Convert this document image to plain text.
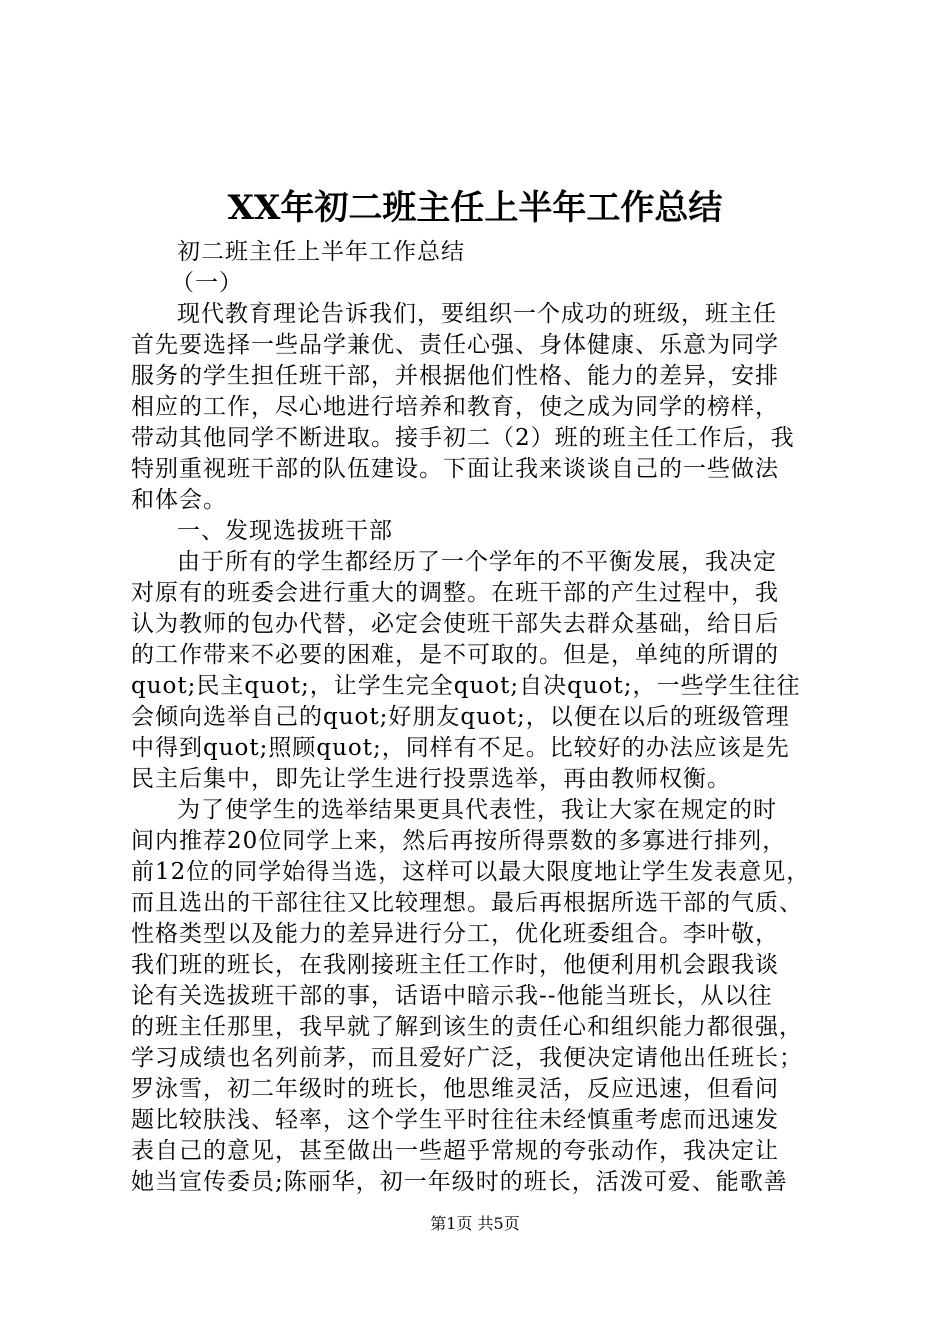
XX年初二班主任上半年工作总结
初二班主任上半年工作总结
（一）
现代教育理论告诉我们，要组织一个成功的班级，班主任
首先要选择一些品学兼优、责任心强、身体健康、乐意为同学
服务的学生担任班干部，并根据他们性格、能力的差异，安排
相应的工作，尽心地进行培养和教育，使之成为同学的榜样，
带动其他同学不断进取。接手初二（2）班的班主任工作后，我
特别重视班干部的队伍建设。下面让我来谈谈自己的一些做法
和体会。
一、发现选拔班干部
由于所有的学生都经历了一个学年的不平衡发展，我决定
对原有的班委会进行重大的调整。在班干部的产生过程中，我
认为教师的包办代替，必定会使班干部失去群众基础，给日后
的工作带来不必要的困难，是不可取的。但是，单纯的所谓的
quot;民主quot;，让学生完全quot;自决quot;，一些学生往往
会倾向选举自己的quot;好朋友quot;，以便在以后的班级管理
中得到quot;照顾quot;，同样有不足。比较好的办法应该是先
民主后集中，即先让学生进行投票选举，再由教师权衡。
为了使学生的选举结果更具代表性，我让大家在规定的时
间内推荐20位同学上来，然后再按所得票数的多寡进行排列，
前12位的同学始得当选，这样可以最大限度地让学生发表意见，
而且选出的干部往往又比较理想。最后再根据所选干部的气质、
性格类型以及能力的差异进行分工，优化班委组合。李叶敬，
我们班的班长，在我刚接班主任工作时，他便利用机会跟我谈
论有关选拔班干部的事，话语中暗示我--他能当班长，从以往
的班主任那里，我早就了解到该生的责任心和组织能力都很强，
学习成绩也名列前茅，而且爱好广泛，我便决定请他出任班长；
罗泳雪，初二年级时的班长，他思维灵活，反应迅速，但看问
题比较肤浅、轻率，这个学生平时往往未经慎重考虑而迅速发
表自己的意见，甚至做出一些超乎常规的夸张动作，我决定让
她当宣传委员;陈丽华，初一年级时的班长，活泼可爱、能歌善
第1页 共5页
